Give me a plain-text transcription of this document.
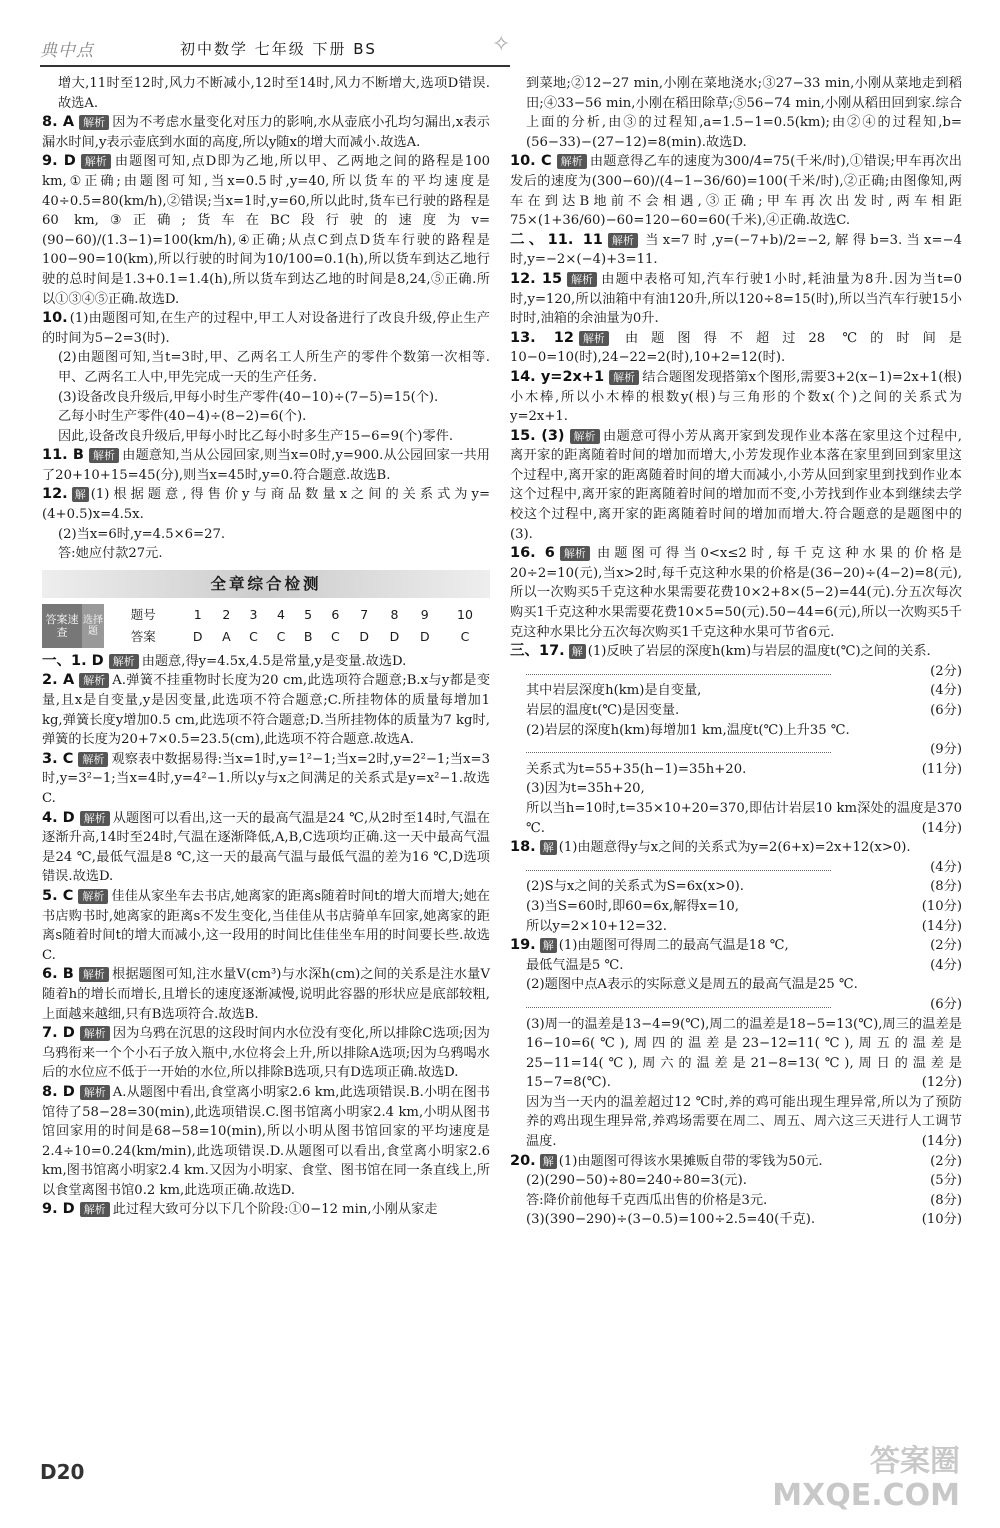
典中点	初中数学 七年级 下册 BS	✧

增大,11时至12时,风力不断减小,12时至14时,风力不断增大,选项D错误.故选A.

8. A 解析 因为不考虑水量变化对压力的影响,水从壶底小孔均匀漏出,x表示漏水时间,y表示壶底到水面的高度,所以y随x的增大而减小.故选A.

9. D 解析 由题图可知,点D即为乙地,所以甲、乙两地之间的路程是100 km,①正确;由题图可知,当x=0.5时,y=40,所以货车的平均速度是40÷0.5=80(km/h),②错误;当x=1时,y=60,所以此时,货车已行驶的路程是60 km,③正确;货车在BC段行驶的速度为v=(90−60)/(1.3−1)=100(km/h),④正确;从点C到点D货车行驶的路程是100−90=10(km),所以行驶的时间为10/100=0.1(h),所以货车到达乙地行驶的总时间是1.3+0.1=1.4(h),所以货车到达乙地的时间是8,24,⑤正确.所以①③④⑤正确.故选D.

10. (1)由题图可知,在生产的过程中,甲工人对设备进行了改良升级,停止生产的时间为5−2=3(时).

(2)由题图可知,当t=3时,甲、乙两名工人所生产的零件个数第一次相等.甲、乙两名工人中,甲先完成一天的生产任务.

(3)设备改良升级后,甲每小时生产零件(40−10)÷(7−5)=15(个).

乙每小时生产零件(40−4)÷(8−2)=6(个).

因此,设备改良升级后,甲每小时比乙每小时多生产15−6=9(个)零件.

11. B 解析 由题意知,当从公园回家,则当x=0时,y=900.从公园回家一共用了20+10+15=45(分),则当x=45时,y=0.符合题意.故选B.

12. 解 (1)根据题意,得售价y与商品数量x之间的关系式为y=(4+0.5)x=4.5x.

(2)当x=6时,y=4.5×6=27.

答:她应付款27元.

全章综合检测
答案速查	选择题	题号	1	2	3	4	5	6	7	8	9	10
		答案	D	A	C	C	B	C	D	D	D	C

一、1. D 解析 由题意,得y=4.5x,4.5是常量,y是变量.故选D.

2. A 解析 A.弹簧不挂重物时长度为20 cm,此选项符合题意;B.x与y都是变量,且x是自变量,y是因变量,此选项不符合题意;C.所挂物体的质量每增加1 kg,弹簧长度y增加0.5 cm,此选项不符合题意;D.当所挂物体的质量为7 kg时,弹簧的长度为20+7×0.5=23.5(cm),此选项不符合题意.故选A.

3. C 解析 观察表中数据易得:当x=1时,y=1²−1;当x=2时,y=2²−1;当x=3时,y=3²−1;当x=4时,y=4²−1.所以y与x之间满足的关系式是y=x²−1.故选C.

4. D 解析 从题图可以看出,这一天的最高气温是24 ℃,从2时至14时,气温在逐渐升高,14时至24时,气温在逐渐降低,A,B,C选项均正确.这一天中最高气温是24 ℃,最低气温是8 ℃,这一天的最高气温与最低气温的差为16 ℃,D选项错误.故选D.

5. C 解析 佳佳从家坐车去书店,她离家的距离s随着时间t的增大而增大;她在书店购书时,她离家的距离s不发生变化,当佳佳从书店骑单车回家,她离家的距离s随着时间t的增大而减小,这一段用的时间比佳佳坐车用的时间要长些.故选C.

6. B 解析 根据题图可知,注水量V(cm³)与水深h(cm)之间的关系是注水量V随着h的增长而增长,且增长的速度逐渐减慢,说明此容器的形状应是底部较粗,上面越来越细,只有B选项符合.故选B.

7. D 解析 因为乌鸦在沉思的这段时间内水位没有变化,所以排除C选项;因为乌鸦衔来一个个小石子放入瓶中,水位将会上升,所以排除A选项;因为乌鸦喝水后的水位应不低于一开始的水位,所以排除B选项,只有D选项正确.故选D.

8. D 解析 A.从题图中看出,食堂离小明家2.6 km,此选项错误.B.小明在图书馆待了58−28=30(min),此选项错误.C.图书馆离小明家2.4 km,小明从图书馆回家用的时间是68−58=10(min),所以小明从图书馆回家的平均速度是2.4÷10=0.24(km/min),此选项错误.D.从题图可以看出,食堂离小明家2.6 km,图书馆离小明家2.4 km.又因为小明家、食堂、图书馆在同一条直线上,所以食堂离图书馆0.2 km,此选项正确.故选D.

9. D 解析 此过程大致可分以下几个阶段:①0−12 min,小刚从家走

到菜地;②12−27 min,小刚在菜地浇水;③27−33 min,小刚从菜地走到稻田;④33−56 min,小刚在稻田除草;⑤56−74 min,小刚从稻田回到家.综合上面的分析,由③的过程知,a=1.5−1=0.5(km);由②④的过程知,b=(56−33)−(27−12)=8(min).故选D.

10. C 解析 由题意得乙车的速度为300/4=75(千米/时),①错误;甲车再次出发后的速度为(300−60)/(4−1−36/60)=100(千米/时),②正确;由图像知,两车在到达B地前不会相遇,③正确;甲车再次出发时,两车相距75×(1+36/60)−60=120−60=60(千米),④正确.故选C.

二、11. 11 解析 当x=7时,y=(−7+b)/2=−2,解得b=3.当x=−4时,y=−2×(−4)+3=11.

12. 15 解析 由题中表格可知,汽车行驶1小时,耗油量为8升.因为当t=0时,y=120,所以油箱中有油120升,所以120÷8=15(时),所以当汽车行驶15小时时,油箱的余油量为0升.

13. 12 解析 由题图得不超过28 ℃的时间是10−0=10(时),24−22=2(时),10+2=12(时).

14. y=2x+1 解析 结合题图发现搭第x个图形,需要3+2(x−1)=2x+1(根)小木棒,所以小木棒的根数y(根)与三角形的个数x(个)之间的关系式为y=2x+1.

15. (3) 解析 由题意可得小芳从离开家到发现作业本落在家里这个过程中,离开家的距离随着时间的增加而增大,小芳发现作业本落在家里到回到家里这个过程中,离开家的距离随着时间的增大而减小,小芳从回到家里到找到作业本这个过程中,离开家的距离随着时间的增加而不变,小芳找到作业本到继续去学校这个过程中,离开家的距离随着时间的增加而增大.符合题意的是题图中的(3).

16. 6 解析 由题图可得当0<x≤2时,每千克这种水果的价格是20÷2=10(元),当x>2时,每千克这种水果的价格是(36−20)÷(4−2)=8(元),所以一次购买5千克这种水果需要花费10×2+8×(5−2)=44(元).分五次每次购买1千克这种水果需要花费10×5=50(元).50−44=6(元),所以一次购买5千克这种水果比分五次每次购买1千克这种水果可节省6元.

三、17. 解 (1)反映了岩层的深度h(km)与岩层的温度t(℃)之间的关系.

(2分)

其中岩层深度h(km)是自变量,	(4分)

岩层的温度t(℃)是因变量.	(6分)

(2)岩层的深度h(km)每增加1 km,温度t(℃)上升35 ℃.

(9分)

关系式为t=55+35(h−1)=35h+20.	(11分)

(3)因为t=35h+20,

所以当h=10时,t=35×10+20=370,即估计岩层10 km深处的温度是370 ℃.	(14分)

18. 解 (1)由题意得y与x之间的关系式为y=2(6+x)=2x+12(x>0).

(4分)

(2)S与x之间的关系式为S=6x(x>0).	(8分)

(3)当S=60时,即60=6x,解得x=10,	(10分)

所以y=2×10+12=32.	(14分)

19. 解 (1)由题图可得周二的最高气温是18 ℃,	(2分)

最低气温是5 ℃.	(4分)

(2)题图中点A表示的实际意义是周五的最高气温是25 ℃.

(6分)

(3)周一的温差是13−4=9(℃),周二的温差是18−5=13(℃),周三的温差是16−10=6(℃),周四的温差是23−12=11(℃),周五的温差是25−11=14(℃),周六的温差是21−8=13(℃),周日的温差是15−7=8(℃).	(12分)

因为当一天内的温差超过12 ℃时,养的鸡可能出现生理异常,所以为了预防养的鸡出现生理异常,养鸡场需要在周二、周五、周六这三天进行人工调节温度.	(14分)

20. 解 (1)由题图可得该水果摊贩自带的零钱为50元.	(2分)

(2)(290−50)÷80=240÷80=3(元).	(5分)

答:降价前他每千克西瓜出售的价格是3元.	(8分)

(3)(390−290)÷(3−0.5)=100÷2.5=40(千克).	(10分)

D20	答案圈
MXQE.COM
